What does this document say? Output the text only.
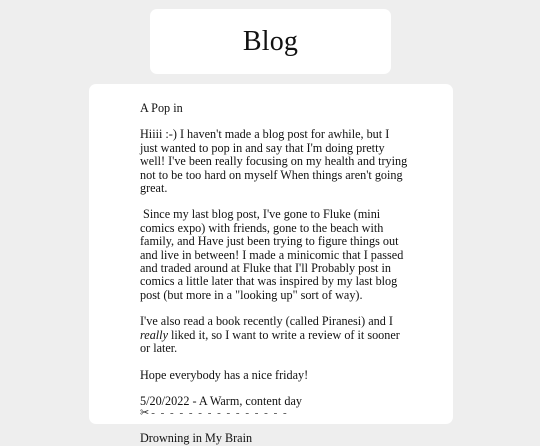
Blog

A Pop in

Hiiii :-) I haven't made a blog post for awhile, but I just wanted to pop in and say that I'm doing pretty well! I've been really focusing on my health and trying not to be too hard on myself When things aren't going great.

Since my last blog post, I've gone to Fluke (mini comics expo) with friends, gone to the beach with family, and Have just been trying to figure things out and live in between! I made a minicomic that I passed and traded around at Fluke that I'll Probably post in comics a little later that was inspired by my last blog post (but more in a "looking up" sort of way).

I've also read a book recently (called Piranesi) and I really liked it, so I want to write a review of it sooner or later.

Hope everybody has a nice friday!

5/20/2022 - A Warm, content day

✂ - - - - - - - - - - - - - - -

Drowning in My Brain
